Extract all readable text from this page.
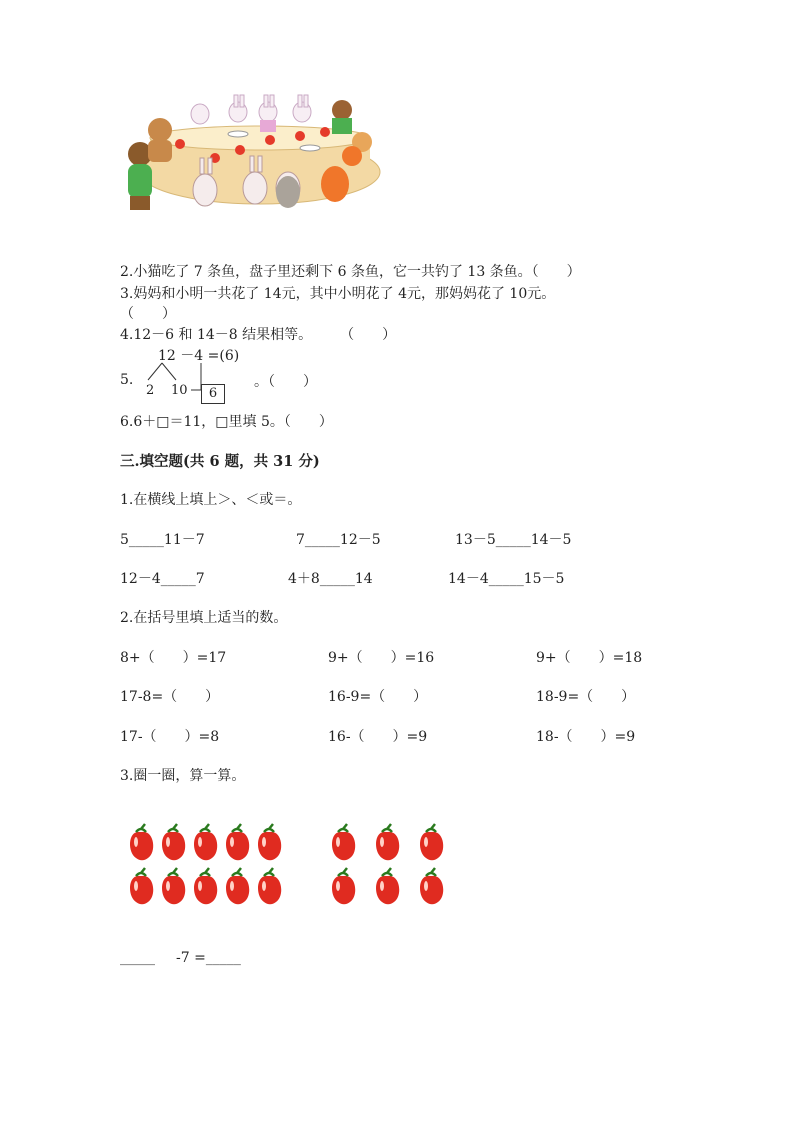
2.小猫吃了 7 条鱼，盘子里还剩下 6 条鱼，它一共钓了 13 条鱼。（　　）
3.妈妈和小明一共花了 14元，其中小明花了 4元，那妈妈花了 10元。
（　　）
4.12－6 和 14－8 结果相等。　　　（　　）
12 －4 =(6)
5.
2 10	6
。（　　）
6.6＋□＝11，□里填 5。（　　）
三.填空题(共 6 题，共 31 分)
1.在横线上填上＞、＜或＝。
5_____11－7	7_____12－5	13－5_____14－5
12－4_____7	4＋8_____14	14－4_____15－5
2.在括号里填上适当的数。
8+（　　）=17	9+（　　）=16	9+（　　）=18
17-8=（　　）	16-9=（　　）	18-9=（　　）
17-（　　）=8	16-（　　）=9	18-（　　）=9
3.圈一圈，算一算。
_____ -7 =_____
